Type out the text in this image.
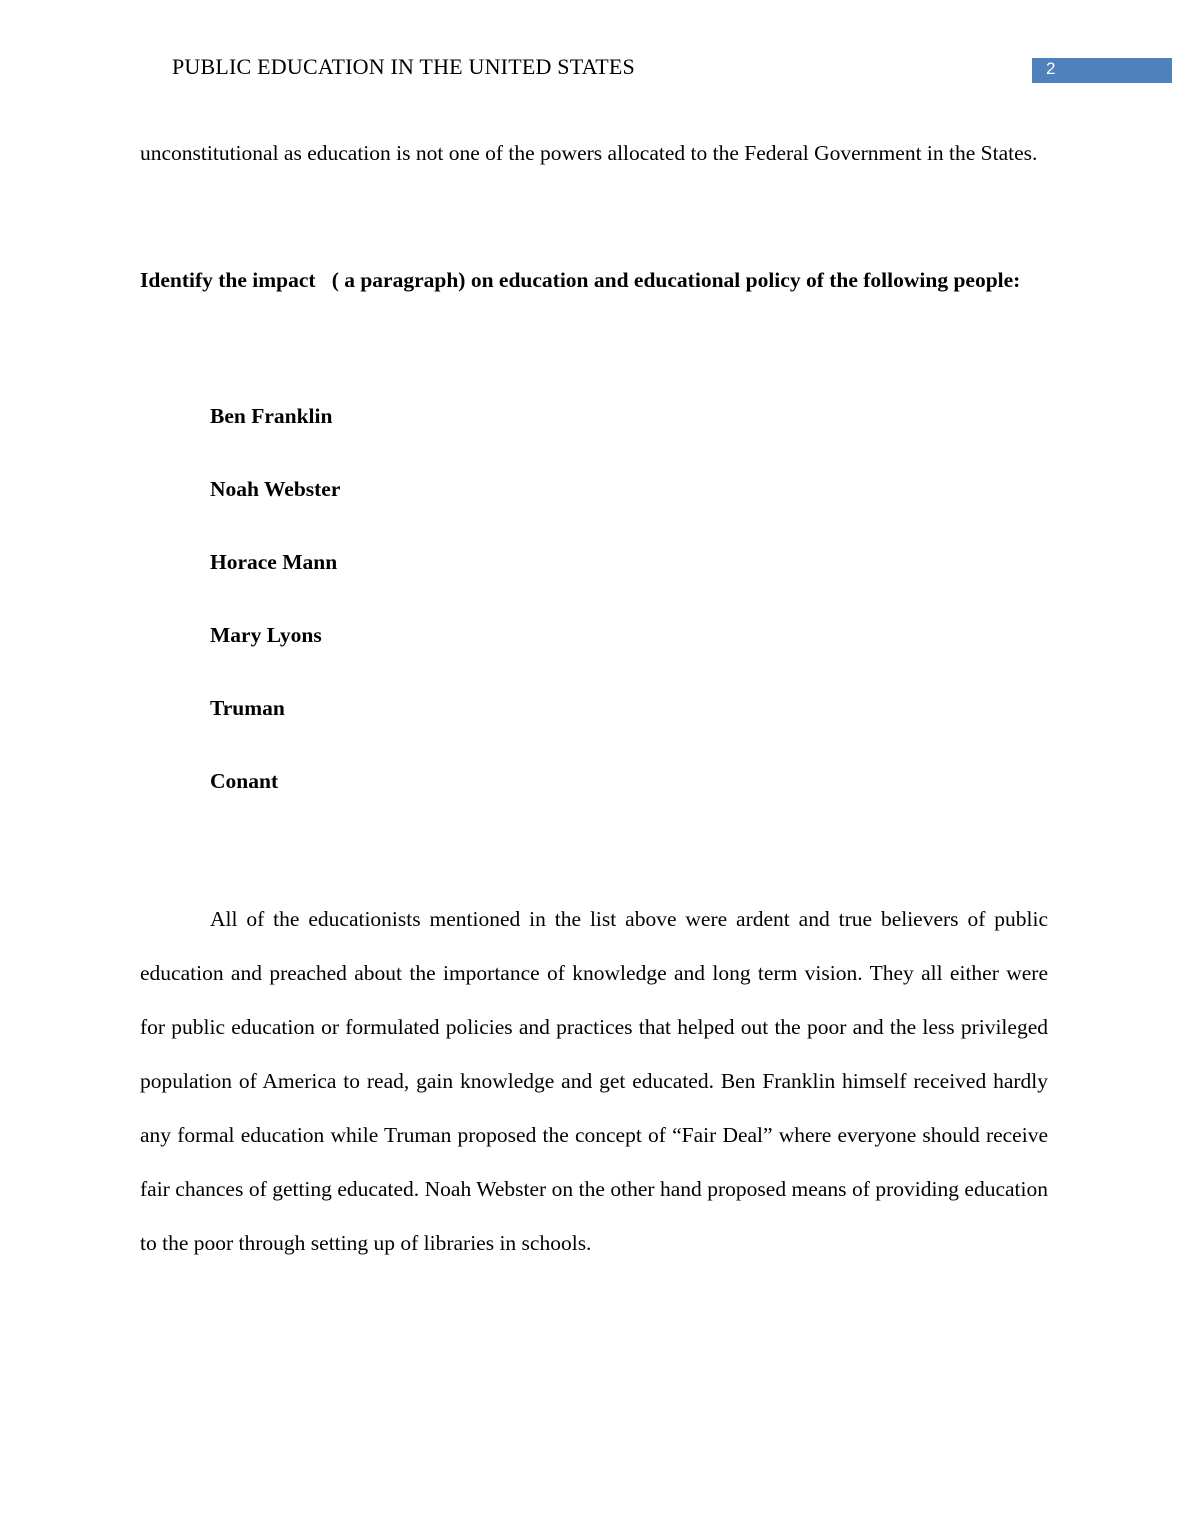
PUBLIC EDUCATION IN THE UNITED STATES	2

unconstitutional as education is not one of the powers allocated to the Federal Government in the States.

Identify the impact   ( a paragraph) on education and educational policy of the following people:

Ben Franklin
Noah Webster
Horace Mann
Mary Lyons
Truman
Conant

All of the educationists mentioned in the list above were ardent and true believers of public education and preached about the importance of knowledge and long term vision. They all either were for public education or formulated policies and practices that helped out the poor and the less privileged population of America to read, gain knowledge and get educated. Ben Franklin himself received hardly any formal education while Truman proposed the concept of “Fair Deal” where everyone should receive fair chances of getting educated. Noah Webster on the other hand proposed means of providing education to the poor through setting up of libraries in schools.
